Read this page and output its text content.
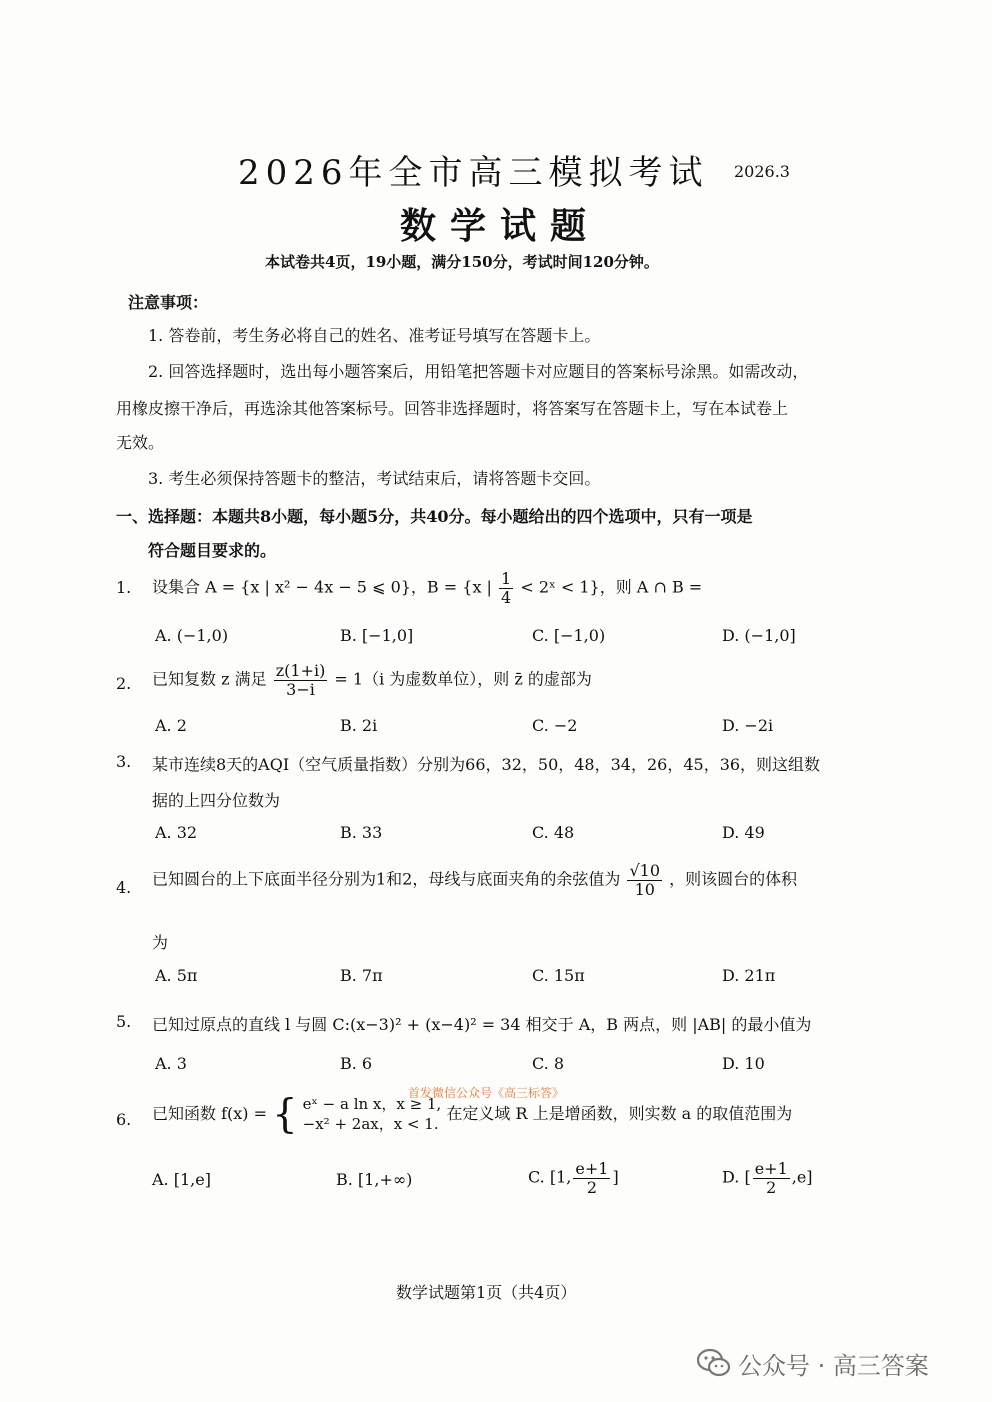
2026年全市高三模拟考试 2026.3
数学试题
本试卷共4页，19小题，满分150分，考试时间120分钟。
注意事项：
1. 答卷前，考生务必将自己的姓名、准考证号填写在答题卡上。
2. 回答选择题时，选出每小题答案后，用铅笔把答题卡对应题目的答案标号涂黑。如需改动，
用橡皮擦干净后，再选涂其他答案标号。回答非选择题时，将答案写在答题卡上，写在本试卷上
无效。
3. 考生必须保持答题卡的整洁，考试结束后，请将答题卡交回。
一、选择题：本题共8小题，每小题5分，共40分。每小题给出的四个选项中，只有一项是
符合题目要求的。
1. 设集合 A = {x | x² − 4x − 5 ⩽ 0}，B = {x | $\frac{1}{4}$ < 2ˣ < 1}，则 A ∩ B =
A. (−1,0)	B. [−1,0]	C. [−1,0)	D. (−1,0]
2. 已知复数 z 满足 $\frac{z(1+i)}{3-i} = 1(i$ 为虚数单位），则 z̄ 的虚部为
A. 2	B. 2i	C. −2	D. −2i
3. 某市连续8天的AQI（空气质量指数）分别为66，32，50，48，34，26，45，36，则这组数
据的上四分位数为
A. 32	B. 33	C. 48	D. 49
4. 已知圆台的上下底面半径分别为1和2，母线与底面夹角的余弦值为 $\frac{√10}{10}$ ，则该圆台的体积
为
A. 5π	B. 7π	C. 15π	D. 21π
5. 已知过原点的直线 l 与圆 C:(x−3)² + (x−4)² = 34 相交于 A，B 两点，则 |AB| 的最小值为
A. 3	B. 6	C. 8	D. 10
首发微信公众号《高三标答》
6. 已知函数 f(x) = { eˣ − a ln x，x ≥ 1,
−x² + 2ax，x < 1. 在定义域 R 上是增函数，则实数 a 的取值范围为
A. [1,e]	B. [1,+∞)	C. [1, $\frac{e+1}{2}$ ]	D. [ $\frac{e+1}{2} ,e$]
数学试题第1页（共4页）
公众号 · 高三答案
